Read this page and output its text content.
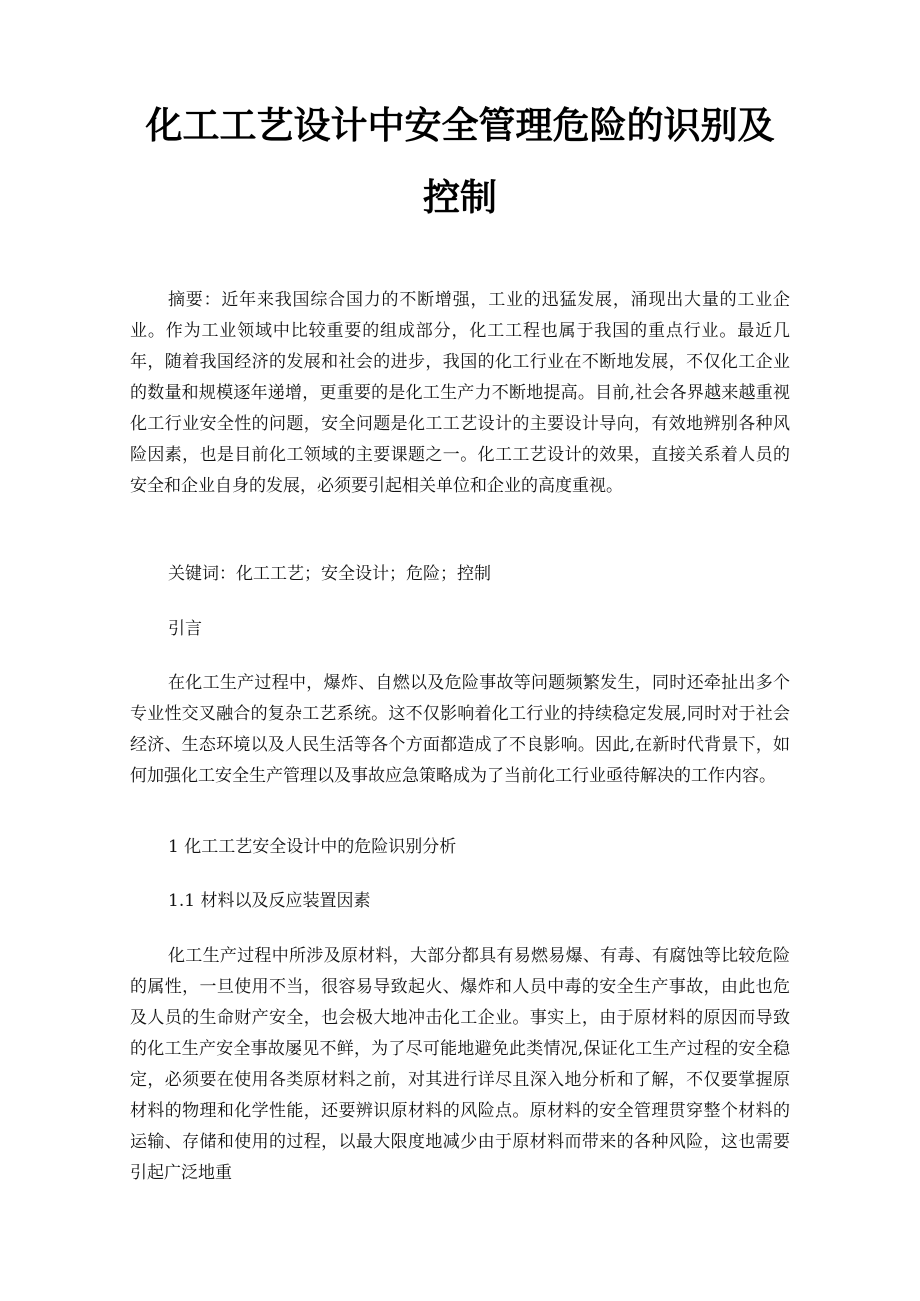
化工工艺设计中安全管理危险的识别及
控制

摘要：近年来我国综合国力的不断增强，工业的迅猛发展，涌现出大量的工业企业。作为工业领域中比较重要的组成部分，化工工程也属于我国的重点行业。最近几年，随着我国经济的发展和社会的进步，我国的化工行业在不断地发展，不仅化工企业的数量和规模逐年递增，更重要的是化工生产力不断地提高。目前,社会各界越来越重视化工行业安全性的问题，安全问题是化工工艺设计的主要设计导向，有效地辨别各种风险因素，也是目前化工领域的主要课题之一。化工工艺设计的效果，直接关系着人员的安全和企业自身的发展，必须要引起相关单位和企业的高度重视。

关键词：化工工艺；安全设计；危险；控制

引言

在化工生产过程中，爆炸、自燃以及危险事故等问题频繁发生，同时还牵扯出多个专业性交叉融合的复杂工艺系统。这不仅影响着化工行业的持续稳定发展,同时对于社会经济、生态环境以及人民生活等各个方面都造成了不良影响。因此,在新时代背景下，如何加强化工安全生产管理以及事故应急策略成为了当前化工行业亟待解决的工作内容。

1 化工工艺安全设计中的危险识别分析

1.1 材料以及反应装置因素

化工生产过程中所涉及原材料，大部分都具有易燃易爆、有毒、有腐蚀等比较危险的属性，一旦使用不当，很容易导致起火、爆炸和人员中毒的安全生产事故，由此也危及人员的生命财产安全，也会极大地冲击化工企业。事实上，由于原材料的原因而导致的化工生产安全事故屡见不鲜，为了尽可能地避免此类情况,保证化工生产过程的安全稳定，必须要在使用各类原材料之前，对其进行详尽且深入地分析和了解，不仅要掌握原材料的物理和化学性能，还要辨识原材料的风险点。原材料的安全管理贯穿整个材料的运输、存储和使用的过程，以最大限度地减少由于原材料而带来的各种风险，这也需要引起广泛地重
